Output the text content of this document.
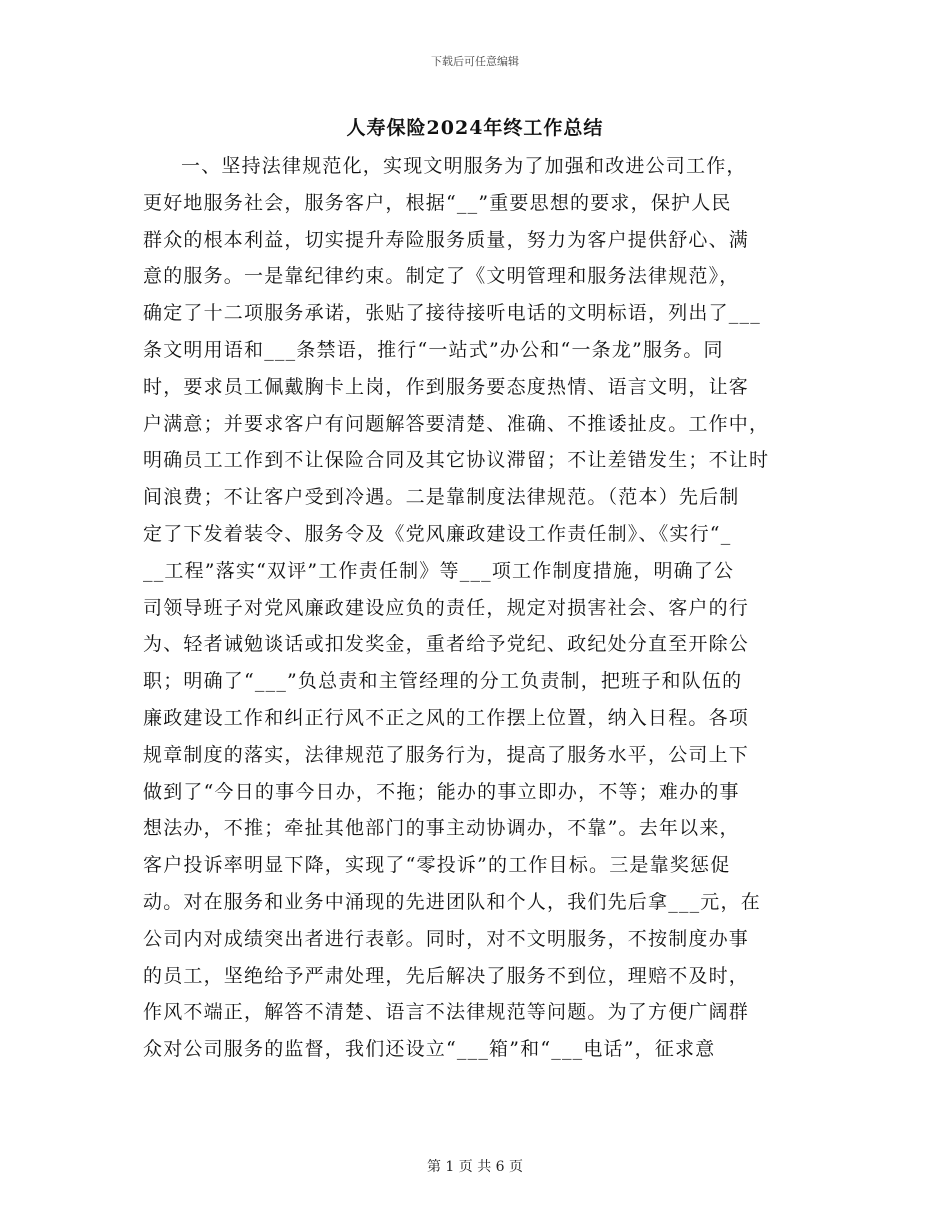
下载后可任意编辑
人寿保险2024年终工作总结
一、坚持法律规范化，实现文明服务为了加强和改进公司工作，
更好地服务社会，服务客户，根据“__”重要思想的要求，保护人民
群众的根本利益，切实提升寿险服务质量，努力为客户提供舒心、满
意的服务。一是靠纪律约束。制定了《文明管理和服务法律规范》，
确定了十二项服务承诺，张贴了接待接听电话的文明标语，列出了___
条文明用语和___条禁语，推行“一站式”办公和“一条龙”服务。同
时，要求员工佩戴胸卡上岗，作到服务要态度热情、语言文明，让客
户满意；并要求客户有问题解答要清楚、准确、不推诿扯皮。工作中，
明确员工工作到不让保险合同及其它协议滞留；不让差错发生；不让时
间浪费；不让客户受到冷遇。二是靠制度法律规范。（范本）先后制
定了下发着装令、服务令及《党风廉政建设工作责任制》、《实行“_
__工程”落实“双评”工作责任制》等___项工作制度措施，明确了公
司领导班子对党风廉政建设应负的责任，规定对损害社会、客户的行
为、轻者诫勉谈话或扣发奖金，重者给予党纪、政纪处分直至开除公
职；明确了“___”负总责和主管经理的分工负责制，把班子和队伍的
廉政建设工作和纠正行风不正之风的工作摆上位置，纳入日程。各项
规章制度的落实，法律规范了服务行为，提高了服务水平，公司上下
做到了“今日的事今日办，不拖；能办的事立即办，不等；难办的事
想法办，不推；牵扯其他部门的事主动协调办，不靠”。去年以来，
客户投诉率明显下降，实现了“零投诉”的工作目标。三是靠奖惩促
动。对在服务和业务中涌现的先进团队和个人，我们先后拿___元，在
公司内对成绩突出者进行表彰。同时，对不文明服务，不按制度办事
的员工，坚绝给予严肃处理，先后解决了服务不到位，理赔不及时，
作风不端正，解答不清楚、语言不法律规范等问题。为了方便广阔群
众对公司服务的监督，我们还设立“___箱”和“___电话”，征求意
第 1 页 共 6 页
